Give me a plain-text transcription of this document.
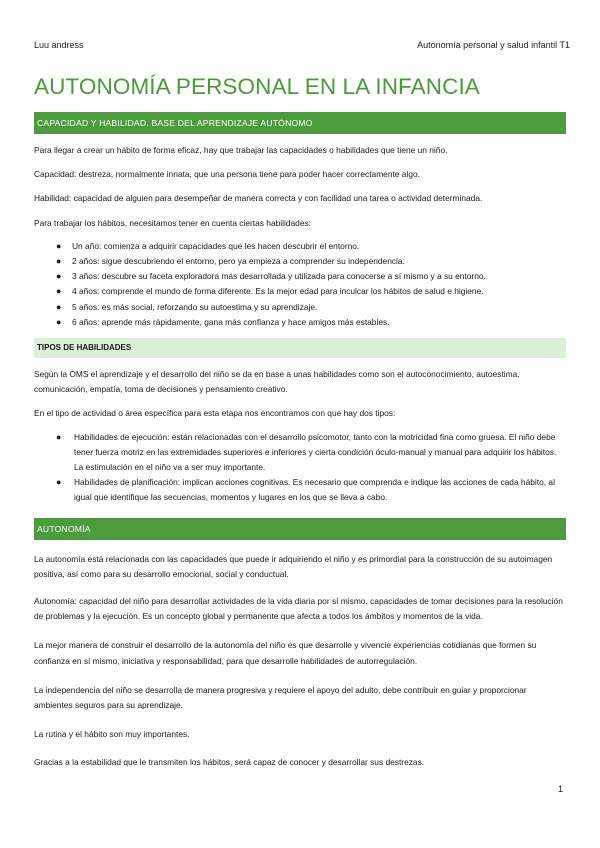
Luu andress	Autonomía personal y salud infantil T1
AUTONOMÍA PERSONAL EN LA INFANCIA
CAPACIDAD Y HABILIDAD. BASE DEL APRENDIZAJE AUTÓNOMO

Para llegar a crear un hábito de forma eficaz, hay que trabajar las capacidades o habilidades que tiene un niño.

Capacidad: destreza, normalmente innata, que una persona tiene para poder hacer correctamente algo.

Habilidad: capacidad de alguien para desempeñar de manera correcta y con facilidad una tarea o actividad determinada.

Para trabajar los hábitos, necesitamos tener en cuenta ciertas habilidades:

● Un año: comienza a adquirir capacidades que les hacen descubrir el entorno.
● 2 años: sigue descubriendo el entorno, pero ya empieza a comprender su independencia.
● 3 años: descubre su faceta exploradora más desarrollada y utilizada para conocerse a sí mismo y a su entorno.
● 4 años: comprende el mundo de forma diferente. Es la mejor edad para inculcar los hábitos de salud e higiene.
● 5 años: es más social, reforzando su autoestima y su aprendizaje.
● 6 años: aprende más rápidamente, gana más confianza y hace amigos más estables.
TIPOS DE HABILIDADES

Según la OMS el aprendizaje y el desarrollo del niño se da en base a unas habilidades como son el autoconocimiento, autoestima, comunicación, empatía, toma de decisiones y pensamiento creativo.

En el tipo de actividad o área específica para esta etapa nos encontramos con que hay dos tipos:

● Habilidades de ejecución: están relacionadas con el desarrollo psicomotor, tanto con la motricidad fina como gruesa. El niño debe tener fuerza motriz en las extremidades superiores e inferiores y cierta condición óculo-manual y manual para adquirir los hábitos. La estimulación en el niño va a ser muy importante.
● Habilidades de planificación: implican acciones cognitivas. Es necesario que comprenda e indique las acciones de cada hábito, al igual que identifique las secuencias, momentos y lugares en los que se lleva a cabo.
AUTONOMÍA

La autonomía está relacionada con las capacidades que puede ir adquiriendo el niño y es primordial para la construcción de su autoimagen positiva, así como para su desarrollo emocional, social y conductual.

Autonomía: capacidad del niño para desarrollar actividades de la vida diaria por sí mismo, capacidades de tomar decisiones para la resolución de problemas y la ejecución. Es un concepto global y permanente que afecta a todos los ámbitos y momentos de la vida.

La mejor manera de construir el desarrollo de la autonomía del niño es que desarrolle y vivencie experiencias cotidianas que formen su confianza en sí mismo, iniciativa y responsabilidad, para que desarrolle habilidades de autorregulación.

La independencia del niño se desarrolla de manera progresiva y requiere el apoyo del adulto, debe contribuir en guiar y proporcionar ambientes seguros para su aprendizaje.

La rutina y el hábito son muy importantes.

Gracias a la estabilidad que le transmiten los hábitos, será capaz de conocer y desarrollar sus destrezas.

1
